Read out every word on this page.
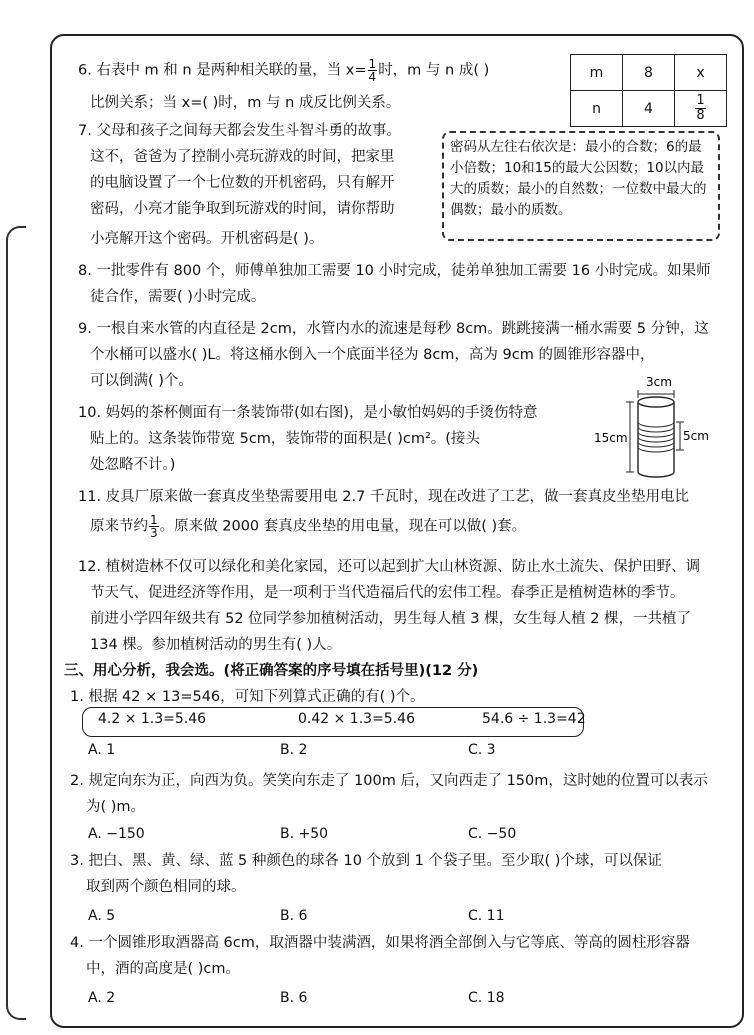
6. 右表中 m 和 n 是两种相关联的量，当 $x= \frac{1}{4}$ 时，m 与 n 成( )
比例关系；当 x=( )时，m 与 n 成反比例关系。
m	8	x
n	4	$\frac{1}{8}$
7. 父母和孩子之间每天都会发生斗智斗勇的故事。
这不，爸爸为了控制小亮玩游戏的时间，把家里
的电脑设置了一个七位数的开机密码，只有解开
密码，小亮才能争取到玩游戏的时间，请你帮助
小亮解开这个密码。开机密码是( )。
密码从左往右依次是：最小的合数；6的最小倍数；10和15的最大公因数；10以内最大的质数；最小的自然数；一位数中最大的偶数；最小的质数。
8. 一批零件有 800 个，师傅单独加工需要 10 小时完成，徒弟单独加工需要 16 小时完成。如果师
徒合作，需要( )小时完成。
9. 一根自来水管的内直径是 2cm，水管内水的流速是每秒 8cm。跳跳接满一桶水需要 5 分钟，这
个水桶可以盛水( )L。将这桶水倒入一个底面半径为 8cm，高为 9cm 的圆锥形容器中，
可以倒满( )个。
10. 妈妈的茶杯侧面有一条装饰带(如右图)，是小敏怕妈妈的手烫伤特意
贴上的。这条装饰带宽 5cm，装饰带的面积是( )cm²。(接头
处忽略不计。)
3cm
15cm	5cm
11. 皮具厂原来做一套真皮坐垫需要用电 2.7 千瓦时，现在改进了工艺，做一套真皮坐垫用电比
原来节约 $\frac{1}{3}$ 。原来做 2000 套真皮坐垫的用电量，现在可以做( )套。
12. 植树造林不仅可以绿化和美化家园，还可以起到扩大山林资源、防止水土流失、保护田野、调
节天气、促进经济等作用，是一项利于当代造福后代的宏伟工程。春季正是植树造林的季节。
前进小学四年级共有 52 位同学参加植树活动，男生每人植 3 棵，女生每人植 2 棵，一共植了
134 棵。参加植树活动的男生有( )人。
三、用心分析，我会选。(将正确答案的序号填在括号里)(12 分)
1. 根据 42 × 13=546，可知下列算式正确的有( )个。
4.2 × 1.3=5.46	0.42 × 1.3=5.46	54.6 ÷ 1.3=42
A. 1	B. 2	C. 3
2. 规定向东为正，向西为负。笑笑向东走了 100m 后，又向西走了 150m，这时她的位置可以表示
为( )m。
A. −150	B. +50	C. −50
3. 把白、黑、黄、绿、蓝 5 种颜色的球各 10 个放到 1 个袋子里。至少取( )个球，可以保证
取到两个颜色相同的球。
A. 5	B. 6	C. 11
4. 一个圆锥形取酒器高 6cm，取酒器中装满酒，如果将酒全部倒入与它等底、等高的圆柱形容器
中，酒的高度是( )cm。
A. 2	B. 6	C. 18
